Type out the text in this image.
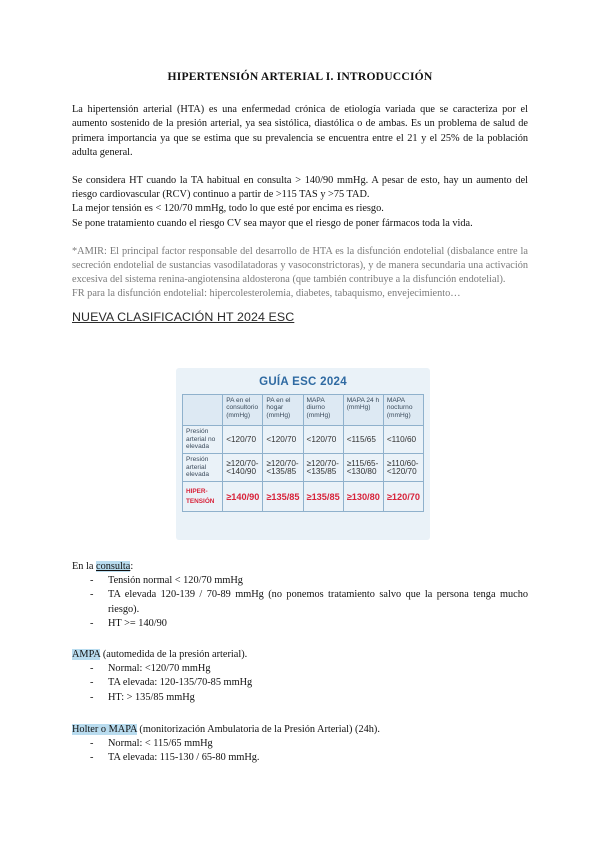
HIPERTENSIÓN ARTERIAL I. INTRODUCCIÓN

La hipertensión arterial (HTA) es una enfermedad crónica de etiología variada que se caracteriza por el aumento sostenido de la presión arterial, ya sea sistólica, diastólica o de ambas. Es un problema de salud de primera importancia ya que se estima que su prevalencia se encuentra entre el 21 y el 25% de la población adulta general.

Se considera HT cuando la TA habitual en consulta > 140/90 mmHg. A pesar de esto, hay un aumento del riesgo cardiovascular (RCV) continuo a partir de >115 TAS y >75 TAD.

La mejor tensión es < 120/70 mmHg, todo lo que esté por encima es riesgo.

Se pone tratamiento cuando el riesgo CV sea mayor que el riesgo de poner fármacos toda la vida.

*AMIR: El principal factor responsable del desarrollo de HTA es la disfunción endotelial (disbalance entre la secreción endotelial de sustancias vasodilatadoras y vasoconstrictoras), y de manera secundaria una activación excesiva del sistema renina-angiotensina aldosterona (que también contribuye a la disfunción endotelial).

FR para la disfunción endotelial: hipercolesterolemia, diabetes, tabaquismo, envejecimiento…

NUEVA CLASIFICACIÓN HT 2024 ESC
GUÍA ESC 2024
	PA en el consultorio (mmHg)	PA en el hogar (mmHg)	MAPA diurno (mmHg)	MAPA 24 h (mmHg)	MAPA nocturno (mmHg)
Presión arterial no elevada	<120/70	<120/70	<120/70	<115/65	<110/60
Presión arterial elevada	≥120/70-<140/90	≥120/70-<135/85	≥120/70-<135/85	≥115/65-<130/80	≥110/60-<120/70
HIPER-TENSIÓN	≥140/90	≥135/85	≥135/85	≥130/80	≥120/70

En la consulta:

- Tensión normal < 120/70 mmHg
- TA elevada 120-139 / 70-89 mmHg (no ponemos tratamiento salvo que la persona tenga mucho riesgo).
- HT >= 140/90

AMPA (automedida de la presión arterial).

- Normal: <120/70 mmHg
- TA elevada: 120-135/70-85 mmHg
- HT: > 135/85 mmHg

Holter o MAPA (monitorización Ambulatoria de la Presión Arterial) (24h).

- Normal: < 115/65 mmHg
- TA elevada: 115-130 / 65-80 mmHg.
